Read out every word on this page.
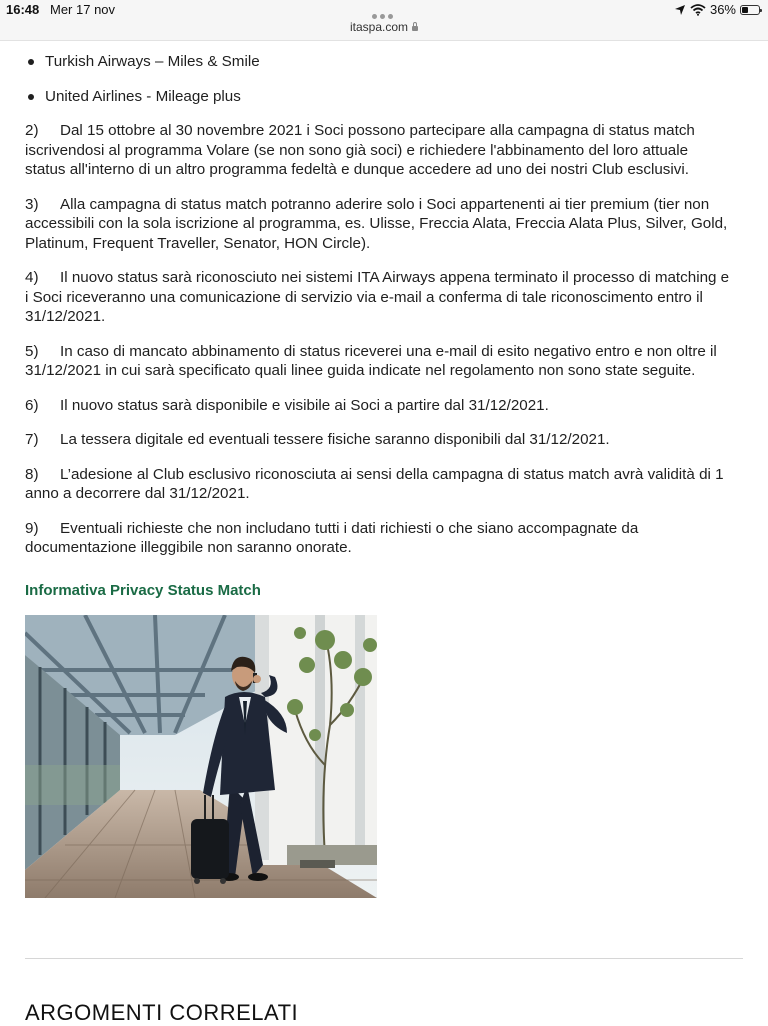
16:48 Mer 17 nov
itaspa.com
36%
Turkish Airways – Miles & Smile
United Airlines - Mileage plus

2) Dal 15 ottobre al 30 novembre 2021 i Soci possono partecipare alla campagna di status match iscrivendosi al programma Volare (se non sono già soci) e richiedere l'abbinamento del loro attuale status all'interno di un altro programma fedeltà e dunque accedere ad uno dei nostri Club esclusivi.

3) Alla campagna di status match potranno aderire solo i Soci appartenenti ai tier premium (tier non accessibili con la sola iscrizione al programma, es. Ulisse, Freccia Alata, Freccia Alata Plus, Silver, Gold, Platinum, Frequent Traveller, Senator, HON Circle).

4) Il nuovo status sarà riconosciuto nei sistemi ITA Airways appena terminato il processo di matching e i Soci riceveranno una comunicazione di servizio via e-mail a conferma di tale riconoscimento entro il 31/12/2021.

5) In caso di mancato abbinamento di status riceverei una e-mail di esito negativo entro e non oltre il 31/12/2021 in cui sarà specificato quali linee guida indicate nel regolamento non sono state seguite.

6) Il nuovo status sarà disponibile e visibile ai Soci a partire dal 31/12/2021.

7) La tessera digitale ed eventuali tessere fisiche saranno disponibili dal 31/12/2021.

8) L’adesione al Club esclusivo riconosciuta ai sensi della campagna di status match avrà validità di 1 anno a decorrere dal 31/12/2021.

9) Eventuali richieste che non includano tutti i dati richiesti o che siano accompagnate da documentazione illeggibile non saranno onorate.

Informativa Privacy Status Match
ARGOMENTI CORRELATI
